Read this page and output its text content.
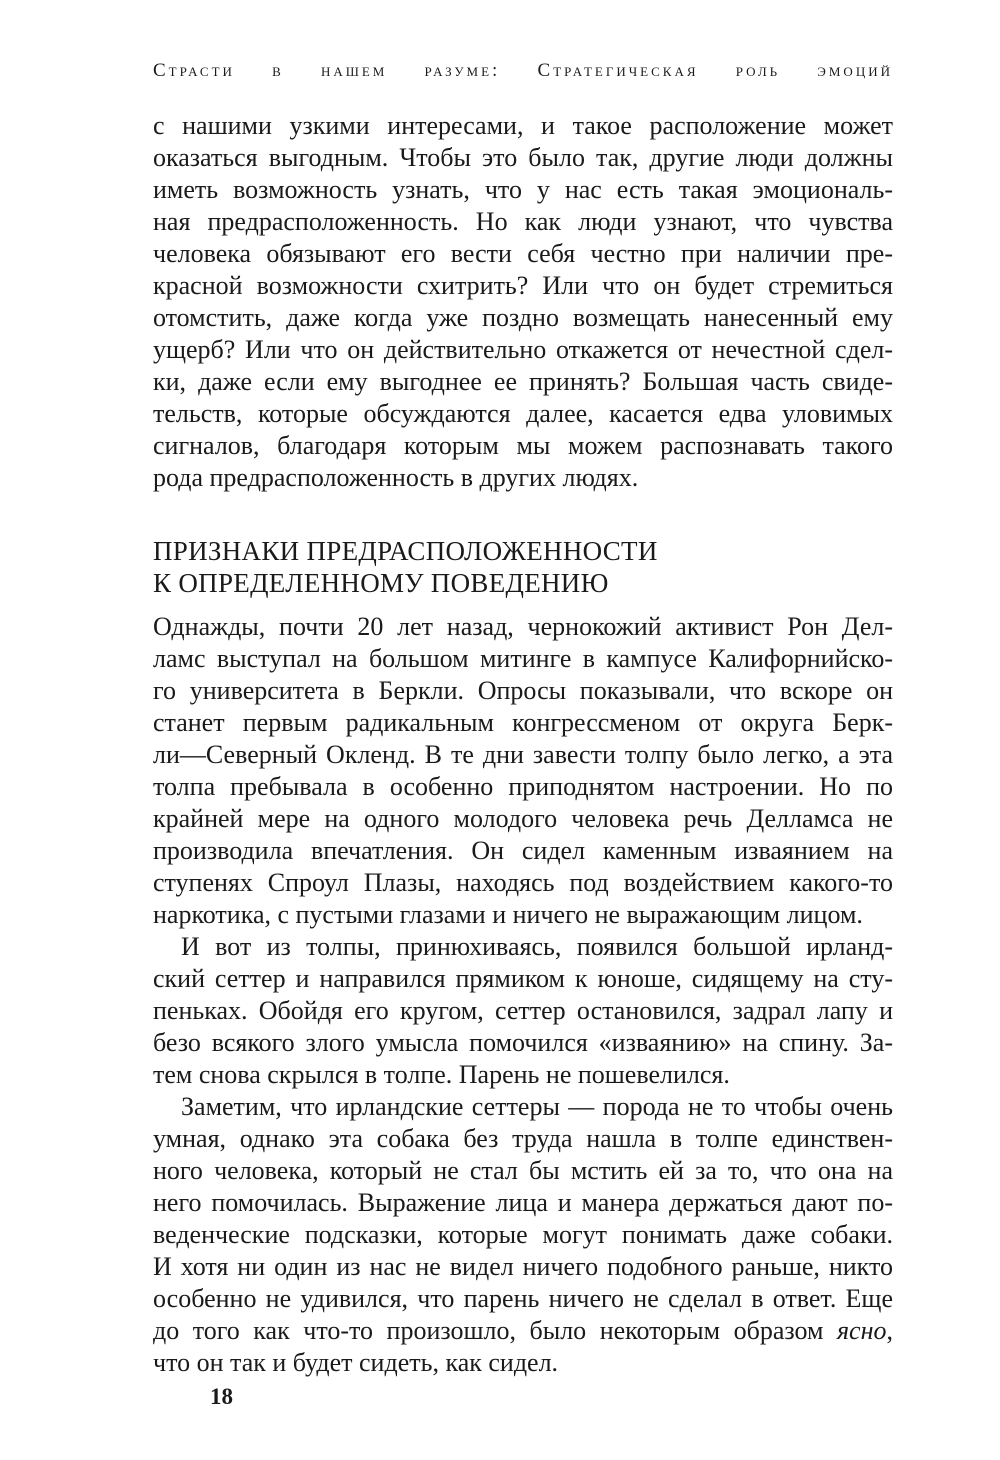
Страсти в нашем разуме: Стратегическая роль эмоций
с нашими узкими интересами, и такое расположение может
оказаться выгодным. Чтобы это было так, другие люди должны
иметь возможность узнать, что у нас есть такая эмоциональ-
ная предрасположенность. Но как люди узнают, что чувства
человека обязывают его вести себя честно при наличии пре-
красной возможности схитрить? Или что он будет стремиться
отомстить, даже когда уже поздно возмещать нанесенный ему
ущерб? Или что он действительно откажется от нечестной сдел-
ки, даже если ему выгоднее ее принять? Большая часть свиде-
тельств, которые обсуждаются далее, касается едва уловимых
сигналов, благодаря которым мы можем распознавать такого
рода предрасположенность в других людях.
ПРИЗНАКИ ПРЕДРАСПОЛОЖЕННОСТИ
К ОПРЕДЕЛЕННОМУ ПОВЕДЕНИЮ
Однажды, почти 20 лет назад, чернокожий активист Рон Дел-
ламс выступал на большом митинге в кампусе Калифорнийско-
го университета в Беркли. Опросы показывали, что вскоре он
станет первым радикальным конгрессменом от округа Берк-
ли—Северный Окленд. В те дни завести толпу было легко, а эта
толпа пребывала в особенно приподнятом настроении. Но по
крайней мере на одного молодого человека речь Делламса не
производила впечатления. Он сидел каменным изваянием на
ступенях Спроул Плазы, находясь под воздействием какого-то
наркотика, с пустыми глазами и ничего не выражающим лицом.
И вот из толпы, принюхиваясь, появился большой ирланд-
ский сеттер и направился прямиком к юноше, сидящему на сту-
пеньках. Обойдя его кругом, сеттер остановился, задрал лапу и
безо всякого злого умысла помочился «изваянию» на спину. За-
тем снова скрылся в толпе. Парень не пошевелился.
Заметим, что ирландские сеттеры — порода не то чтобы очень
умная, однако эта собака без труда нашла в толпе единствен-
ного человека, который не стал бы мстить ей за то, что она на
него помочилась. Выражение лица и манера держаться дают по-
веденческие подсказки, которые могут понимать даже собаки.
И хотя ни один из нас не видел ничего подобного раньше, никто
особенно не удивился, что парень ничего не сделал в ответ. Еще
до того как что-то произошло, было некоторым образом ясно,
что он так и будет сидеть, как сидел.
18
